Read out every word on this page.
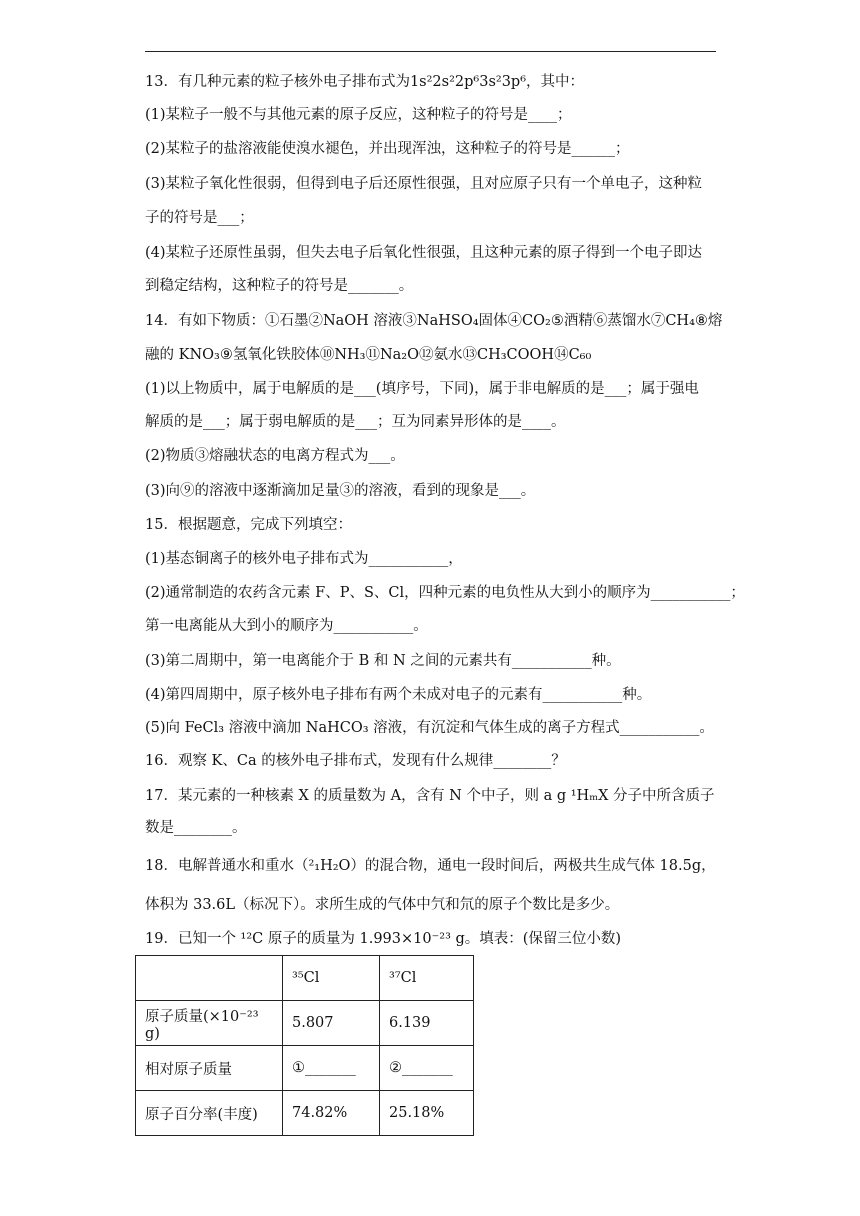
13．有几种元素的粒子核外电子排布式为1s²2s²2p⁶3s²3p⁶，其中：
(1)某粒子一般不与其他元素的原子反应，这种粒子的符号是____；
(2)某粒子的盐溶液能使溴水褪色，并出现浑浊，这种粒子的符号是______；
(3)某粒子氧化性很弱，但得到电子后还原性很强，且对应原子只有一个单电子，这种粒
子的符号是___；
(4)某粒子还原性虽弱，但失去电子后氧化性很强，且这种元素的原子得到一个电子即达
到稳定结构，这种粒子的符号是_______。
14．有如下物质：①石墨②NaOH 溶液③NaHSO₄固体④CO₂⑤酒精⑥蒸馏水⑦CH₄⑧熔
融的 KNO₃⑨氢氧化铁胶体⑩NH₃⑪Na₂O⑫氨水⑬CH₃COOH⑭C₆₀
(1)以上物质中，属于电解质的是___(填序号，下同)，属于非电解质的是___；属于强电
解质的是___；属于弱电解质的是___；互为同素异形体的是____。
(2)物质③熔融状态的电离方程式为___。
(3)向⑨的溶液中逐渐滴加足量③的溶液，看到的现象是___。
15．根据题意，完成下列填空：
(1)基态铜离子的核外电子排布式为___________，
(2)通常制造的农药含元素 F、P、S、Cl，四种元素的电负性从大到小的顺序为___________；
第一电离能从大到小的顺序为___________。
(3)第二周期中，第一电离能介于 B 和 N 之间的元素共有___________种。
(4)第四周期中，原子核外电子排布有两个未成对电子的元素有___________种。
(5)向 FeCl₃ 溶液中滴加 NaHCO₃ 溶液，有沉淀和气体生成的离子方程式___________。
16．观察 K、Ca 的核外电子排布式，发现有什么规律________？
17．某元素的一种核素 X 的质量数为 A，含有 N 个中子，则 a g ¹HₘX 分子中所含质子
数是________。
18．电解普通水和重水（²₁H₂O）的混合物，通电一段时间后，两极共生成气体 18.5g，
体积为 33.6L（标况下）。求所生成的气体中氕和氘的原子个数比是多少。
19．已知一个 ¹²C 原子的质量为 1.993×10⁻²³ g。填表：(保留三位小数)
	³⁵Cl	³⁷Cl
原子质量(×10⁻²³ g)	5.807	6.139
相对原子质量	①_______	②_______
原子百分率(丰度)	74.82%	25.18%
